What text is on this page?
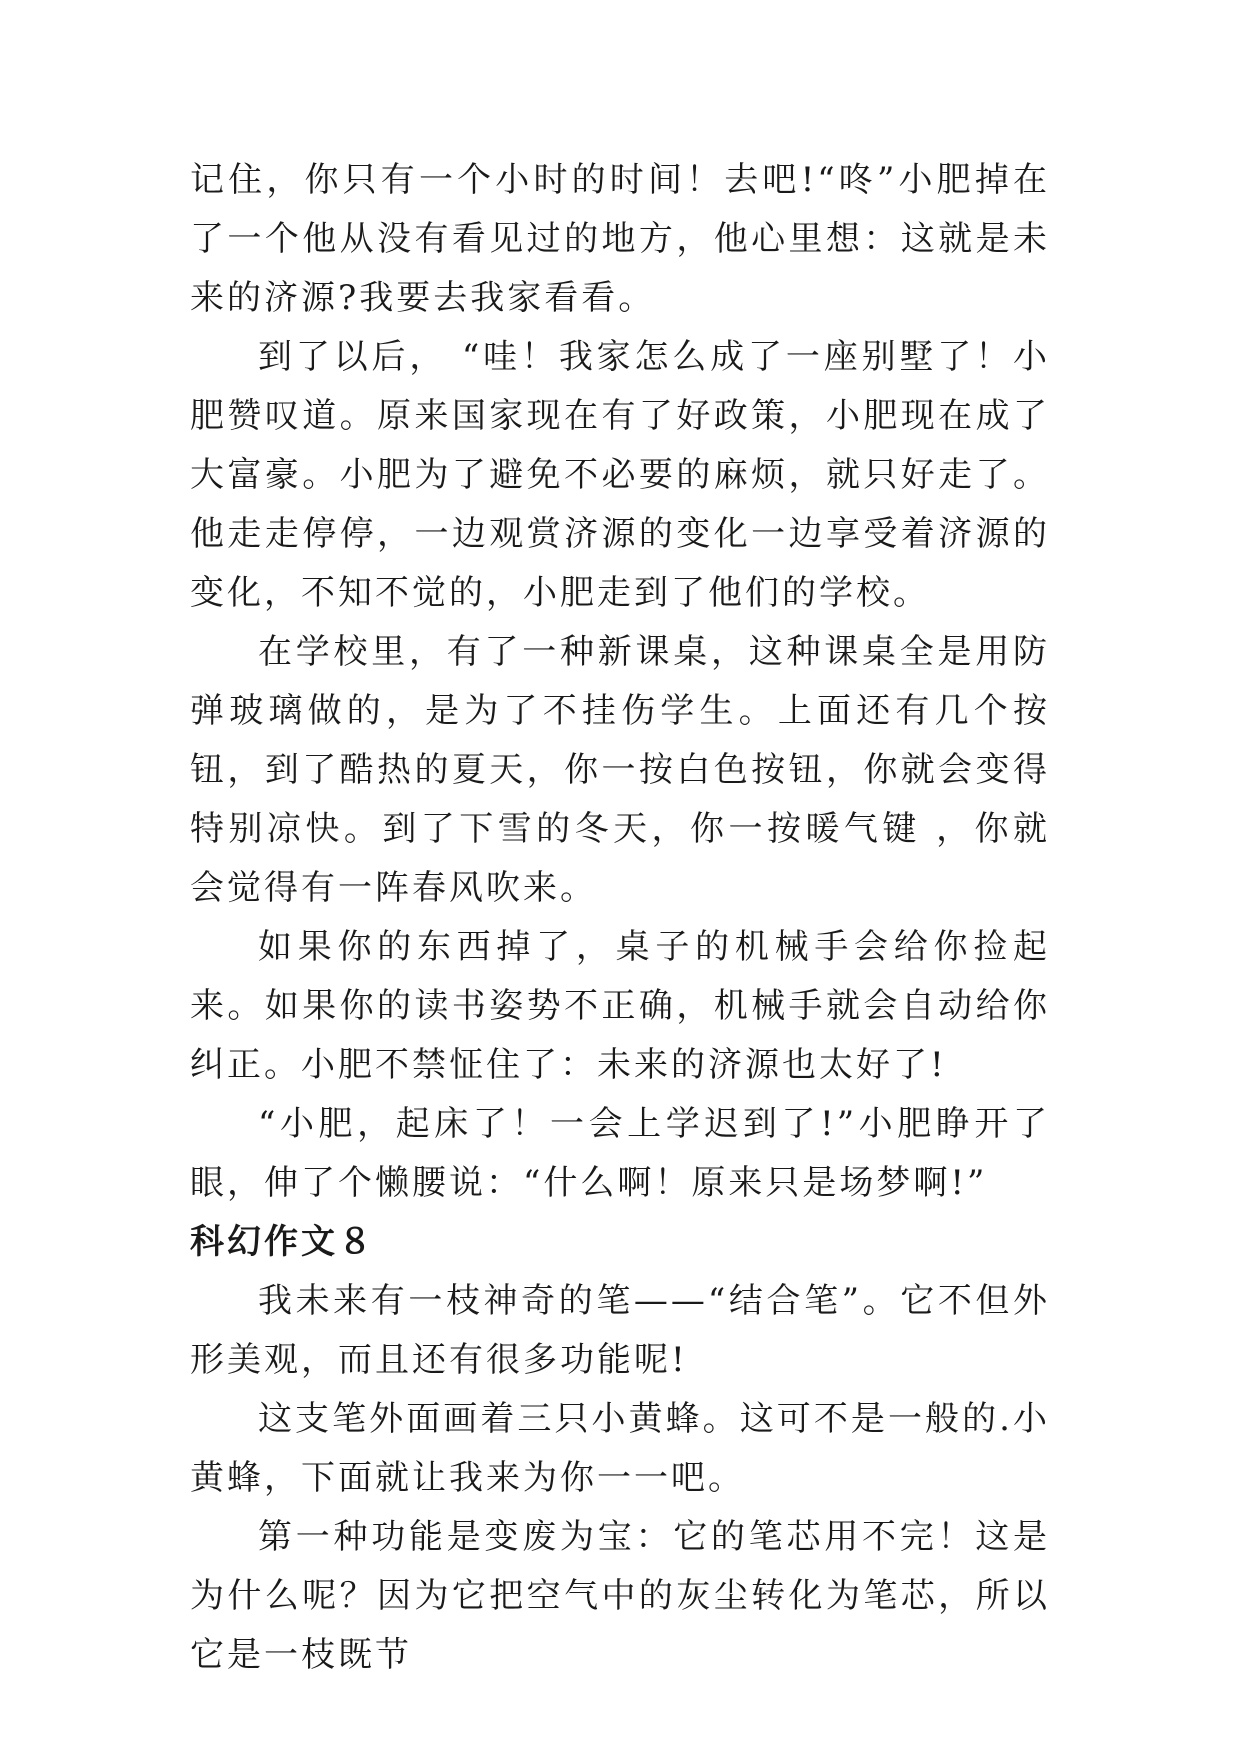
记住，你只有一个小时的时间！去吧!“咚”小肥掉在了一个他从没有看见过的地方，他心里想：这就是未来的济源?我要去我家看看。

到了以后， “哇！我家怎么成了一座别墅了！小肥赞叹道。原来国家现在有了好政策，小肥现在成了大富豪。小肥为了避免不必要的麻烦，就只好走了。他走走停停，一边观赏济源的变化一边享受着济源的变化，不知不觉的，小肥走到了他们的学校。

在学校里，有了一种新课桌，这种课桌全是用防弹玻璃做的，是为了不挂伤学生。上面还有几个按钮，到了酷热的夏天，你一按白色按钮，你就会变得特别凉快。到了下雪的冬天，你一按暖气键 ，你就会觉得有一阵春风吹来。

如果你的东西掉了，桌子的机械手会给你捡起来。如果你的读书姿势不正确，机械手就会自动给你纠正。小肥不禁怔住了：未来的济源也太好了!

“小肥，起床了！一会上学迟到了!”小肥睁开了眼，伸了个懒腰说：“什么啊！原来只是场梦啊!”

科幻作文８

我未来有一枝神奇的笔——“结合笔”。它不但外形美观，而且还有很多功能呢!

这支笔外面画着三只小黄蜂。这可不是一般的.小黄蜂，下面就让我来为你一一吧。

第一种功能是变废为宝：它的笔芯用不完！这是为什么呢？因为它把空气中的灰尘转化为笔芯，所以它是一枝既节
